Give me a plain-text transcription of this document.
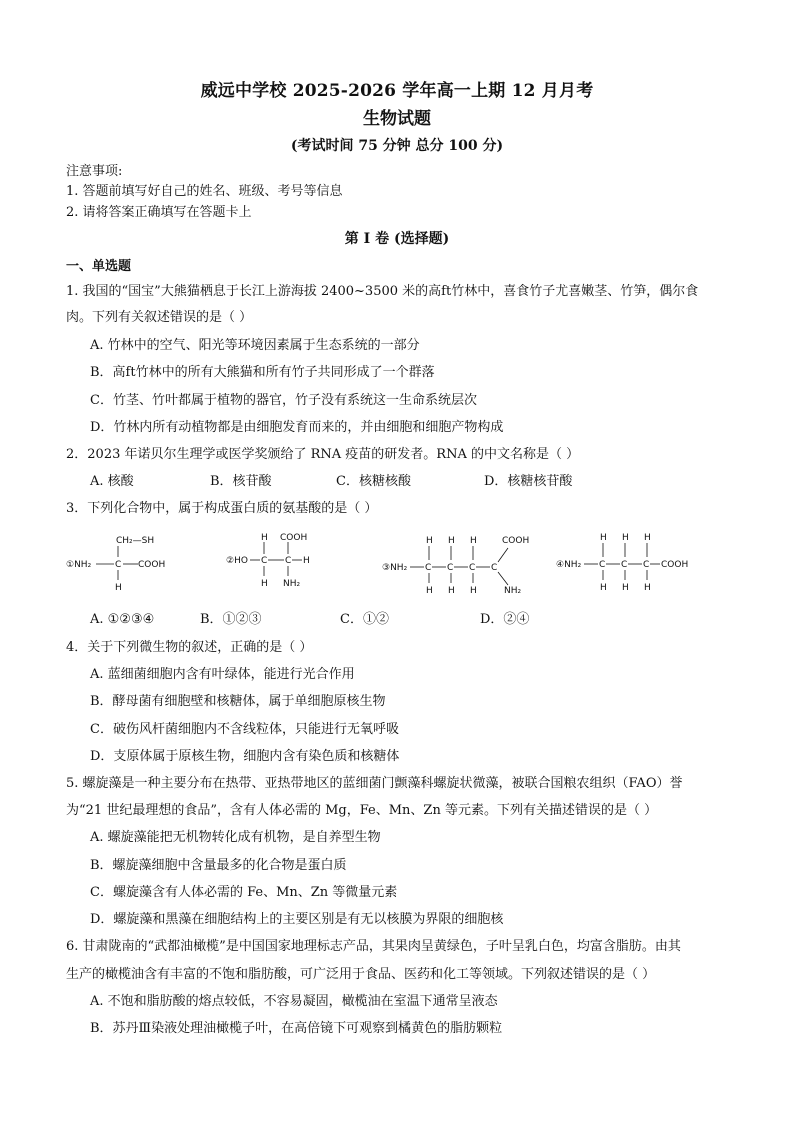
威远中学校 2025-2026 学年高一上期 12 月月考
生物试题
(考试时间 75 分钟 总分 100 分)
注意事项:
1. 答题前填写好自己的姓名、班级、考号等信息
2. 请将答案正确填写在答题卡上
第 I 卷 (选择题)
一、单选题
1. 我国的“国宝”大熊猫栖息于长江上游海拔 2400~3500 米的高ft竹林中，喜食竹子尤喜嫩茎、竹笋，偶尔食
肉。下列有关叙述错误的是（ ）
A. 竹林中的空气、阳光等环境因素属于生态系统的一部分
B．高ft竹林中的所有大熊猫和所有竹子共同形成了一个群落
C．竹茎、竹叶都属于植物的器官，竹子没有系统这一生命系统层次
D．竹林内所有动植物都是由细胞发育而来的，并由细胞和细胞产物构成
2．2023 年诺贝尔生理学或医学奖颁给了 RNA 疫苗的研发者。RNA 的中文名称是（ ）
A. 核酸	B．核苷酸	C．核糖核酸	D．核糖核苷酸
3．下列化合物中，属于构成蛋白质的氨基酸的是（ ）
①NH₂	C COOH
CH₂—SH
H
②HO C C H
H
H
COOH
NH₂
③NH₂ C C C C
H
H
H
H
H
H
COOH
NH₂
④NH₂ C C C COOH
H
H
H
H
H
H
A. ①②③④	B．①②③	C．①②	D．②④
4．关于下列微生物的叙述，正确的是（ ）
A. 蓝细菌细胞内含有叶绿体，能进行光合作用
B．酵母菌有细胞壁和核糖体，属于单细胞原核生物
C．破伤风杆菌细胞内不含线粒体，只能进行无氧呼吸
D．支原体属于原核生物，细胞内含有染色质和核糖体
5. 螺旋藻是一种主要分布在热带、亚热带地区的蓝细菌门颤藻科螺旋状微藻，被联合国粮农组织（FAO）誉
为“21 世纪最理想的食品”，含有人体必需的 Mg，Fe、Mn、Zn 等元素。下列有关描述错误的是（ ）
A. 螺旋藻能把无机物转化成有机物，是自养型生物
B．螺旋藻细胞中含量最多的化合物是蛋白质
C．螺旋藻含有人体必需的 Fe、Mn、Zn 等微量元素
D．螺旋藻和黑藻在细胞结构上的主要区别是有无以核膜为界限的细胞核
6. 甘肃陇南的“武都油橄榄”是中国国家地理标志产品，其果肉呈黄绿色，子叶呈乳白色，均富含脂肪。由其
生产的橄榄油含有丰富的不饱和脂肪酸，可广泛用于食品、医药和化工等领域。下列叙述错误的是（ ）
A. 不饱和脂肪酸的熔点较低，不容易凝固，橄榄油在室温下通常呈液态
B．苏丹Ⅲ染液处理油橄榄子叶，在高倍镜下可观察到橘黄色的脂肪颗粒
